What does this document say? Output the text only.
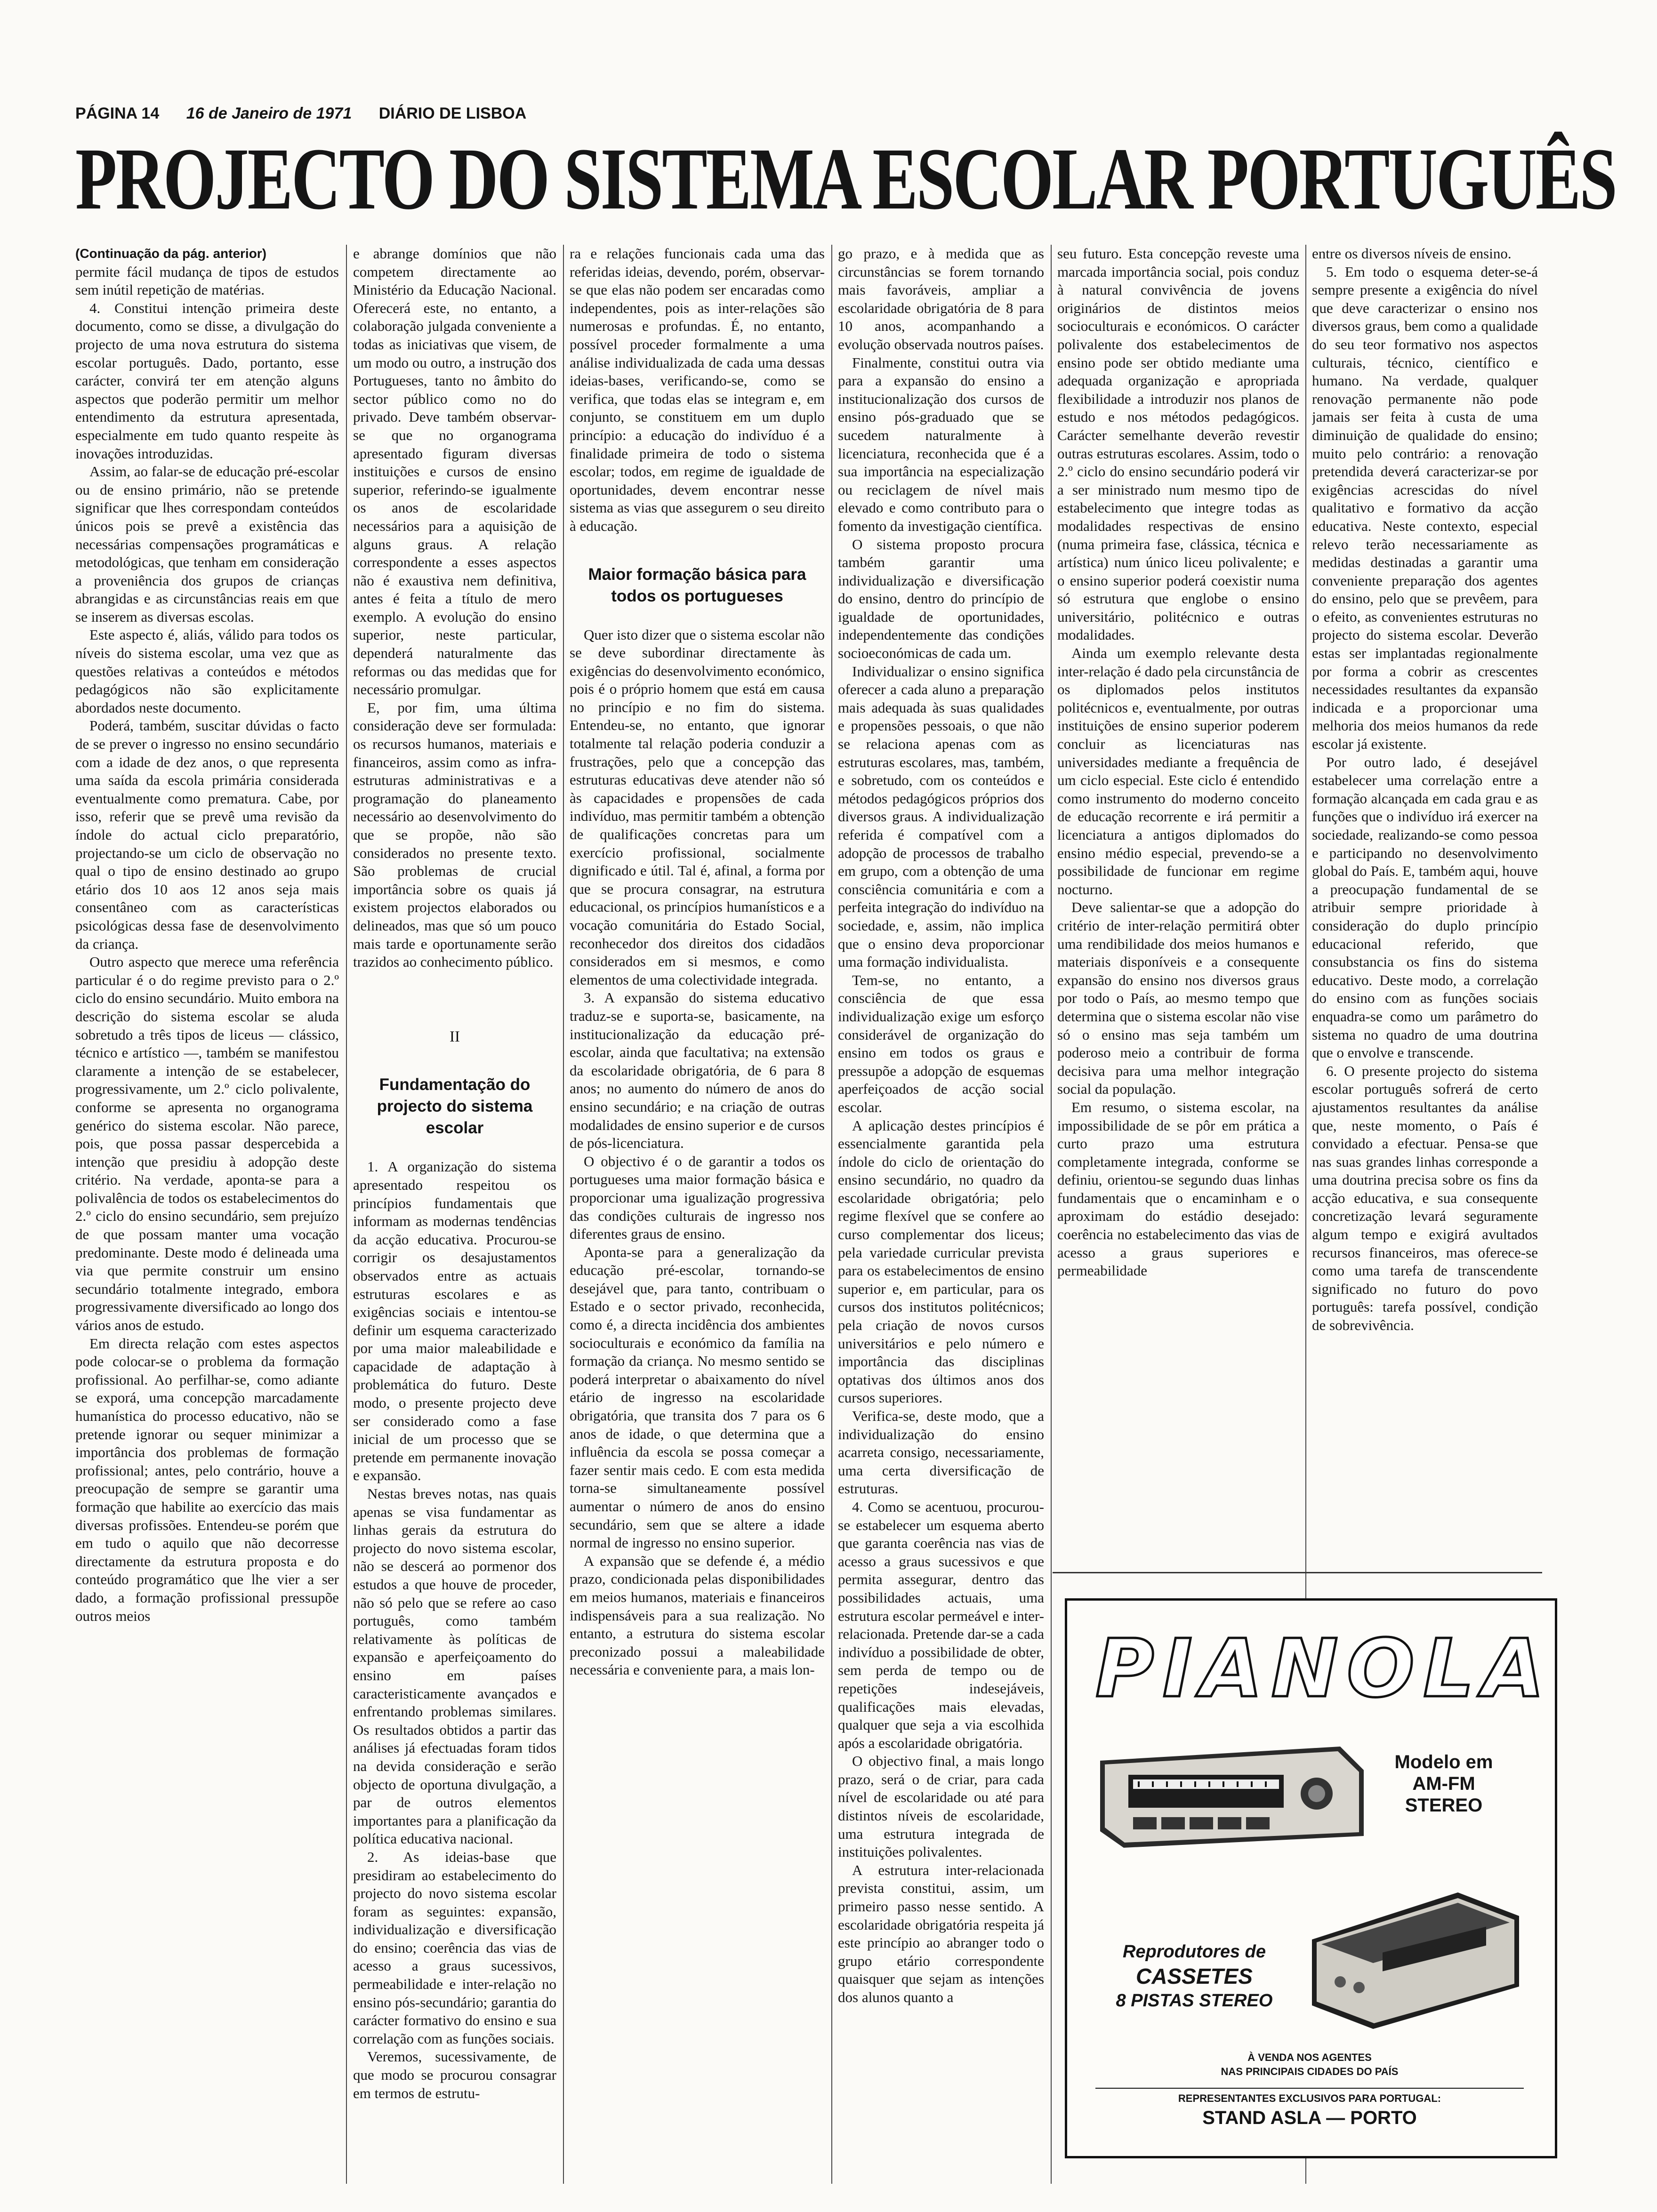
PÁGINA 14 16 de Janeiro de 1971 DIÁRIO DE LISBOA
PROJECTO DO SISTEMA ESCOLAR PORTUGUÊS

(Continuação da pág. anterior)

permite fácil mudança de tipos de estudos sem inútil repetição de matérias.

4. Constitui intenção primeira deste documento, como se disse, a divulgação do projecto de uma nova estrutura do sistema escolar português. Dado, portanto, esse carácter, convirá ter em atenção alguns aspectos que poderão permitir um melhor entendimento da estrutura apresentada, especialmente em tudo quanto respeite às inovações introduzidas.

Assim, ao falar-se de educação pré-escolar ou de ensino primário, não se pretende significar que lhes correspondam conteúdos únicos pois se prevê a existência das necessárias compensações programáticas e metodológicas, que tenham em consideração a proveniência dos grupos de crianças abrangidas e as circunstâncias reais em que se inserem as diversas escolas.

Este aspecto é, aliás, válido para todos os níveis do sistema escolar, uma vez que as questões relativas a conteúdos e métodos pedagógicos não são explicitamente abordados neste documento.

Poderá, também, suscitar dúvidas o facto de se prever o ingresso no ensino secundário com a idade de dez anos, o que representa uma saída da escola primária considerada eventualmente como prematura. Cabe, por isso, referir que se prevê uma revisão da índole do actual ciclo preparatório, projectando-se um ciclo de observação no qual o tipo de ensino destinado ao grupo etário dos 10 aos 12 anos seja mais consentâneo com as características psicológicas dessa fase de desenvolvimento da criança.

Outro aspecto que merece uma referência particular é o do regime previsto para o 2.º ciclo do ensino secundário. Muito embora na descrição do sistema escolar se aluda sobretudo a três tipos de liceus — clássico, técnico e artístico —, também se manifestou claramente a intenção de se estabelecer, progressivamente, um 2.º ciclo polivalente, conforme se apresenta no organograma genérico do sistema escolar. Não parece, pois, que possa passar despercebida a intenção que presidiu à adopção deste critério. Na verdade, aponta-se para a polivalência de todos os estabelecimentos do 2.º ciclo do ensino secundário, sem prejuízo de que possam manter uma vocação predominante. Deste modo é delineada uma via que permite construir um ensino secundário totalmente integrado, embora progressivamente diversificado ao longo dos vários anos de estudo.

Em directa relação com estes aspectos pode colocar-se o problema da formação profissional. Ao perfilhar-se, como adiante se exporá, uma concepção marcadamente humanística do processo educativo, não se pretende ignorar ou sequer minimizar a importância dos problemas de formação profissional; antes, pelo contrário, houve a preocupação de sempre se garantir uma formação que habilite ao exercício das mais diversas profissões. Entendeu-se porém que em tudo o aquilo que não decorresse directamente da estrutura proposta e do conteúdo programático que lhe vier a ser dado, a formação profissional pressupõe outros meios

e abrange domínios que não competem directamente ao Ministério da Educação Nacional. Oferecerá este, no entanto, a colaboração julgada conveniente a todas as iniciativas que visem, de um modo ou outro, a instrução dos Portugueses, tanto no âmbito do sector público como no do privado. Deve também observar-se que no organograma apresentado figuram diversas instituições e cursos de ensino superior, referindo-se igualmente os anos de escolaridade necessários para a aquisição de alguns graus. A relação correspondente a esses aspectos não é exaustiva nem definitiva, antes é feita a título de mero exemplo. A evolução do ensino superior, neste particular, dependerá naturalmente das reformas ou das medidas que for necessário promulgar.

E, por fim, uma última consideração deve ser formulada: os recursos humanos, materiais e financeiros, assim como as infra-estruturas administrativas e a programação do planeamento necessário ao desenvolvimento do que se propõe, não são considerados no presente texto. São problemas de crucial importância sobre os quais já existem projectos elaborados ou delineados, mas que só um pouco mais tarde e oportunamente serão trazidos ao conhecimento público.

II
Fundamentação do projecto do sistema escolar

1. A organização do sistema apresentado respeitou os princípios fundamentais que informam as modernas tendências da acção educativa. Procurou-se corrigir os desajustamentos observados entre as actuais estruturas escolares e as exigências sociais e intentou-se definir um esquema caracterizado por uma maior maleabilidade e capacidade de adaptação à problemática do futuro. Deste modo, o presente projecto deve ser considerado como a fase inicial de um processo que se pretende em permanente inovação e expansão.

Nestas breves notas, nas quais apenas se visa fundamentar as linhas gerais da estrutura do projecto do novo sistema escolar, não se descerá ao pormenor dos estudos a que houve de proceder, não só pelo que se refere ao caso português, como também relativamente às políticas de expansão e aperfeiçoamento do ensino em países caracteristicamente avançados e enfrentando problemas similares. Os resultados obtidos a partir das análises já efectuadas foram tidos na devida consideração e serão objecto de oportuna divulgação, a par de outros elementos importantes para a planificação da política educativa nacional.

2. As ideias-base que presidiram ao estabelecimento do projecto do novo sistema escolar foram as seguintes: expansão, individualização e diversificação do ensino; coerência das vias de acesso a graus sucessivos, permeabilidade e inter-relação no ensino pós-secundário; garantia do carácter formativo do ensino e sua correlação com as funções sociais.

Veremos, sucessivamente, de que modo se procurou consagrar em termos de estrutu-

ra e relações funcionais cada uma das referidas ideias, devendo, porém, observar-se que elas não podem ser encaradas como independentes, pois as inter-relações são numerosas e profundas. É, no entanto, possível proceder formalmente a uma análise individualizada de cada uma dessas ideias-bases, verificando-se, como se verifica, que todas elas se integram e, em conjunto, se constituem em um duplo princípio: a educação do indivíduo é a finalidade primeira de todo o sistema escolar; todos, em regime de igualdade de oportunidades, devem encontrar nesse sistema as vias que assegurem o seu direito à educação.

Maior formação básica para todos os portugueses

Quer isto dizer que o sistema escolar não se deve subordinar directamente às exigências do desenvolvimento económico, pois é o próprio homem que está em causa no princípio e no fim do sistema. Entendeu-se, no entanto, que ignorar totalmente tal relação poderia conduzir a frustrações, pelo que a concepção das estruturas educativas deve atender não só às capacidades e propensões de cada indivíduo, mas permitir também a obtenção de qualificações concretas para um exercício profissional, socialmente dignificado e útil. Tal é, afinal, a forma por que se procura consagrar, na estrutura educacional, os princípios humanísticos e a vocação comunitária do Estado Social, reconhecedor dos direitos dos cidadãos considerados em si mesmos, e como elementos de uma colectividade integrada.

3. A expansão do sistema educativo traduz-se e suporta-se, basicamente, na institucionalização da educação pré-escolar, ainda que facultativa; na extensão da escolaridade obrigatória, de 6 para 8 anos; no aumento do número de anos do ensino secundário; e na criação de outras modalidades de ensino superior e de cursos de pós-licenciatura.

O objectivo é o de garantir a todos os portugueses uma maior formação básica e proporcionar uma igualização progressiva das condições culturais de ingresso nos diferentes graus de ensino.

Aponta-se para a generalização da educação pré-escolar, tornando-se desejável que, para tanto, contribuam o Estado e o sector privado, reconhecida, como é, a directa incidência dos ambientes socioculturais e económico da família na formação da criança. No mesmo sentido se poderá interpretar o abaixamento do nível etário de ingresso na escolaridade obrigatória, que transita dos 7 para os 6 anos de idade, o que determina que a influência da escola se possa começar a fazer sentir mais cedo. E com esta medida torna-se simultaneamente possível aumentar o número de anos do ensino secundário, sem que se altere a idade normal de ingresso no ensino superior.

A expansão que se defende é, a médio prazo, condicionada pelas disponibilidades em meios humanos, materiais e financeiros indispensáveis para a sua realização. No entanto, a estrutura do sistema escolar preconizado possui a maleabilidade necessária e conveniente para, a mais lon-

go prazo, e à medida que as circunstâncias se forem tornando mais favoráveis, ampliar a escolaridade obrigatória de 8 para 10 anos, acompanhando a evolução observada noutros países.

Finalmente, constitui outra via para a expansão do ensino a institucionalização dos cursos de ensino pós-graduado que se sucedem naturalmente à licenciatura, reconhecida que é a sua importância na especialização ou reciclagem de nível mais elevado e como contributo para o fomento da investigação científica.

O sistema proposto procura também garantir uma individualização e diversificação do ensino, dentro do princípio de igualdade de oportunidades, independentemente das condições socioeconómicas de cada um.

Individualizar o ensino significa oferecer a cada aluno a preparação mais adequada às suas qualidades e propensões pessoais, o que não se relaciona apenas com as estruturas escolares, mas, também, e sobretudo, com os conteúdos e métodos pedagógicos próprios dos diversos graus. A individualização referida é compatível com a adopção de processos de trabalho em grupo, com a obtenção de uma consciência comunitária e com a perfeita integração do indivíduo na sociedade, e, assim, não implica que o ensino deva proporcionar uma formação individualista.

Tem-se, no entanto, a consciência de que essa individualização exige um esforço considerável de organização do ensino em todos os graus e pressupõe a adopção de esquemas aperfeiçoados de acção social escolar.

A aplicação destes princípios é essencialmente garantida pela índole do ciclo de orientação do ensino secundário, no quadro da escolaridade obrigatória; pelo regime flexível que se confere ao curso complementar dos liceus; pela variedade curricular prevista para os estabelecimentos de ensino superior e, em particular, para os cursos dos institutos politécnicos; pela criação de novos cursos universitários e pelo número e importância das disciplinas optativas dos últimos anos dos cursos superiores.

Verifica-se, deste modo, que a individualização do ensino acarreta consigo, necessariamente, uma certa diversificação de estruturas.

4. Como se acentuou, procurou-se estabelecer um esquema aberto que garanta coerência nas vias de acesso a graus sucessivos e que permita assegurar, dentro das possibilidades actuais, uma estrutura escolar permeável e inter-relacionada. Pretende dar-se a cada indivíduo a possibilidade de obter, sem perda de tempo ou de repetições indesejáveis, qualificações mais elevadas, qualquer que seja a via escolhida após a escolaridade obrigatória.

O objectivo final, a mais longo prazo, será o de criar, para cada nível de escolaridade ou até para distintos níveis de escolaridade, uma estrutura integrada de instituições polivalentes.

A estrutura inter-relacionada prevista constitui, assim, um primeiro passo nesse sentido. A escolaridade obrigatória respeita já este princípio ao abranger todo o grupo etário correspondente quaisquer que sejam as intenções dos alunos quanto a

seu futuro. Esta concepção reveste uma marcada importância social, pois conduz à natural convivência de jovens originários de distintos meios socioculturais e económicos. O carácter polivalente dos estabelecimentos de ensino pode ser obtido mediante uma adequada organização e apropriada flexibilidade a introduzir nos planos de estudo e nos métodos pedagógicos. Carácter semelhante deverão revestir outras estruturas escolares. Assim, todo o 2.º ciclo do ensino secundário poderá vir a ser ministrado num mesmo tipo de estabelecimento que integre todas as modalidades respectivas de ensino (numa primeira fase, clássica, técnica e artística) num único liceu polivalente; e o ensino superior poderá coexistir numa só estrutura que englobe o ensino universitário, politécnico e outras modalidades.

Ainda um exemplo relevante desta inter-relação é dado pela circunstância de os diplomados pelos institutos politécnicos e, eventualmente, por outras instituições de ensino superior poderem concluir as licenciaturas nas universidades mediante a frequência de um ciclo especial. Este ciclo é entendido como instrumento do moderno conceito de educação recorrente e irá permitir a licenciatura a antigos diplomados do ensino médio especial, prevendo-se a possibilidade de funcionar em regime nocturno.

Deve salientar-se que a adopção do critério de inter-relação permitirá obter uma rendibilidade dos meios humanos e materiais disponíveis e a consequente expansão do ensino nos diversos graus por todo o País, ao mesmo tempo que determina que o sistema escolar não vise só o ensino mas seja também um poderoso meio a contribuir de forma decisiva para uma melhor integração social da população.

Em resumo, o sistema escolar, na impossibilidade de se pôr em prática a curto prazo uma estrutura completamente integrada, conforme se definiu, orientou-se segundo duas linhas fundamentais que o encaminham e o aproximam do estádio desejado: coerência no estabelecimento das vias de acesso a graus superiores e permeabilidade

entre os diversos níveis de ensino.

5. Em todo o esquema deter-se-á sempre presente a exigência do nível que deve caracterizar o ensino nos diversos graus, bem como a qualidade do seu teor formativo nos aspectos culturais, técnico, científico e humano. Na verdade, qualquer renovação permanente não pode jamais ser feita à custa de uma diminuição de qualidade do ensino; muito pelo contrário: a renovação pretendida deverá caracterizar-se por exigências acrescidas do nível qualitativo e formativo da acção educativa. Neste contexto, especial relevo terão necessariamente as medidas destinadas a garantir uma conveniente preparação dos agentes do ensino, pelo que se prevêem, para o efeito, as convenientes estruturas no projecto do sistema escolar. Deverão estas ser implantadas regionalmente por forma a cobrir as crescentes necessidades resultantes da expansão indicada e a proporcionar uma melhoria dos meios humanos da rede escolar já existente.

Por outro lado, é desejável estabelecer uma correlação entre a formação alcançada em cada grau e as funções que o indivíduo irá exercer na sociedade, realizando-se como pessoa e participando no desenvolvimento global do País. E, também aqui, houve a preocupação fundamental de se atribuir sempre prioridade à consideração do duplo princípio educacional referido, que consubstancia os fins do sistema educativo. Deste modo, a correlação do ensino com as funções sociais enquadra-se como um parâmetro do sistema no quadro de uma doutrina que o envolve e transcende.

6. O presente projecto do sistema escolar português sofrerá de certo ajustamentos resultantes da análise que, neste momento, o País é convidado a efectuar. Pensa-se que nas suas grandes linhas corresponde a uma doutrina precisa sobre os fins da acção educativa, e sua consequente concretização levará seguramente algum tempo e exigirá avultados recursos financeiros, mas oferece-se como uma tarefa de transcendente significado no futuro do povo português: tarefa possível, condição de sobrevivência.

PIANOLA
Modelo em
AM-FM
STEREO
Reprodutores de
CASSETES
8 PISTAS STEREO
À VENDA NOS AGENTES
NAS PRINCIPAIS CIDADES DO PAÍS
REPRESENTANTES EXCLUSIVOS PARA PORTUGAL:
STAND ASLA — PORTO
